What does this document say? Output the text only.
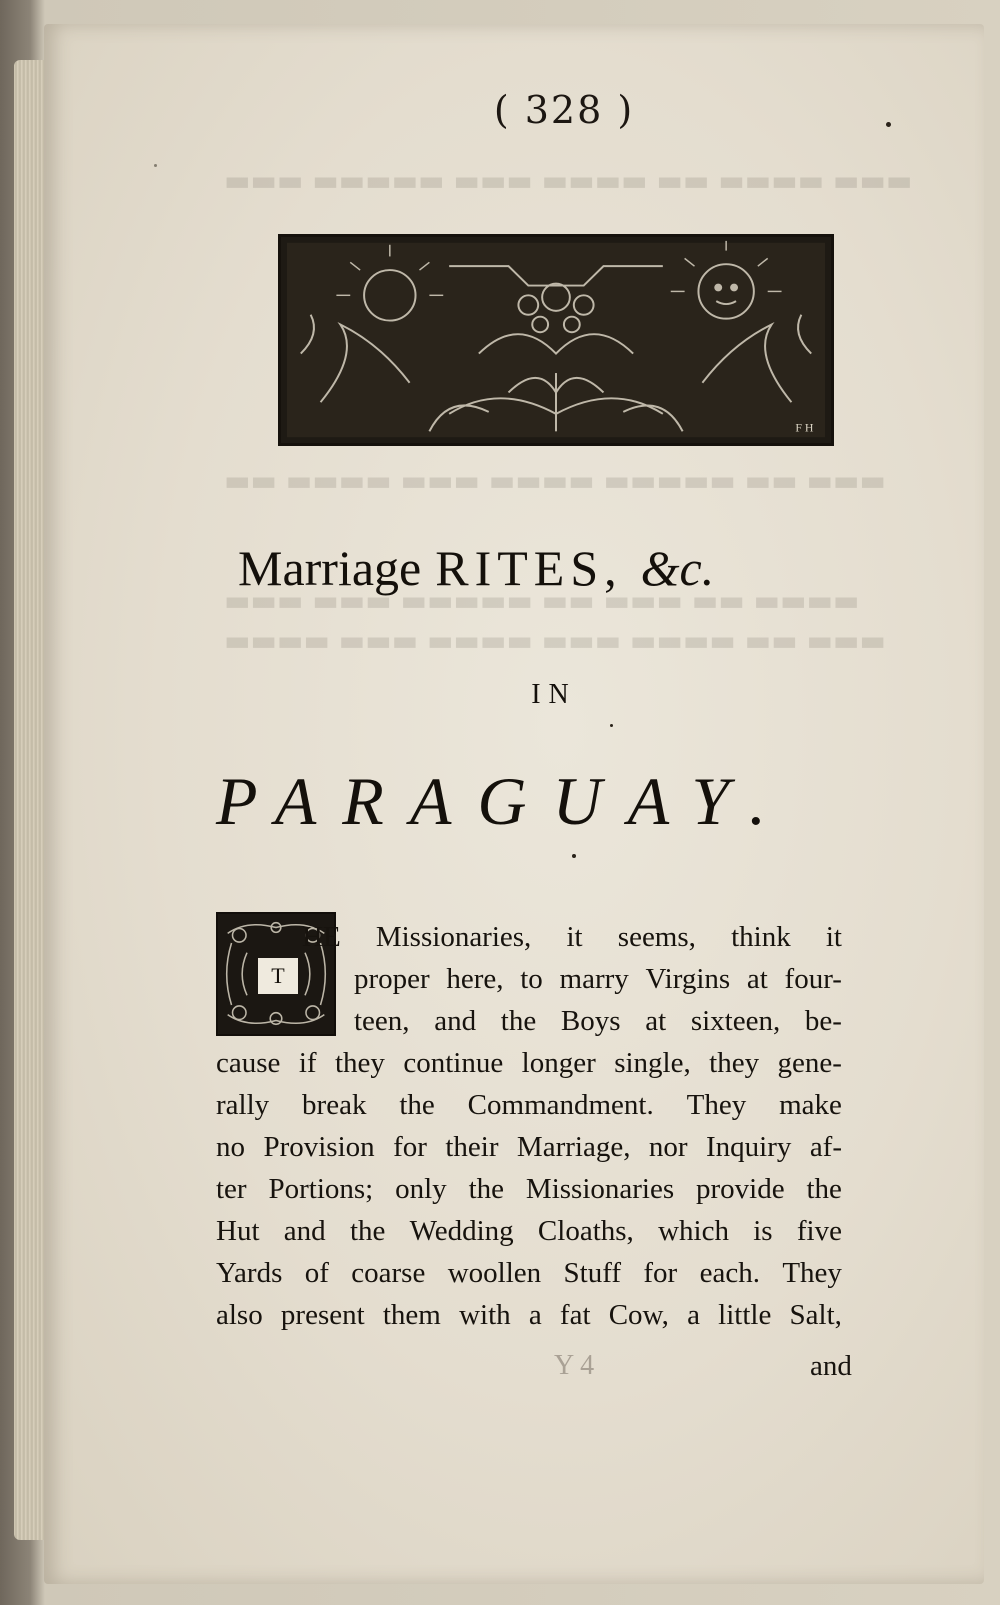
▬▬▬ ▬▬▬▬ ▬▬ ▬▬▬▬ ▬▬▬ ▬▬▬▬▬ ▬▬▬
▬▬▬ ▬▬ ▬▬▬▬▬ ▬▬▬▬ ▬▬▬ ▬▬▬▬ ▬▬
▬▬▬▬ ▬▬ ▬▬▬ ▬▬ ▬▬▬▬▬ ▬▬▬ ▬▬▬
▬▬▬ ▬▬ ▬▬▬▬ ▬▬▬ ▬▬▬▬ ▬▬▬ ▬▬▬▬
( 328 )
F H
Marriage RITES, &c.
IN
PARAGUAY.
T
HE Missionaries, it seems, think it
proper here, to marry Virgins at four-
teen, and the Boys at sixteen, be-
cause if they continue longer single, they gene-
rally break the Commandment. They make
no Provision for their Marriage, nor Inquiry af-
ter Portions; only the Missionaries provide the
Hut and the Wedding Cloaths, which is five
Yards of coarse woollen Stuff for each. They
also present them with a fat Cow, a little Salt,
Y 4	and
